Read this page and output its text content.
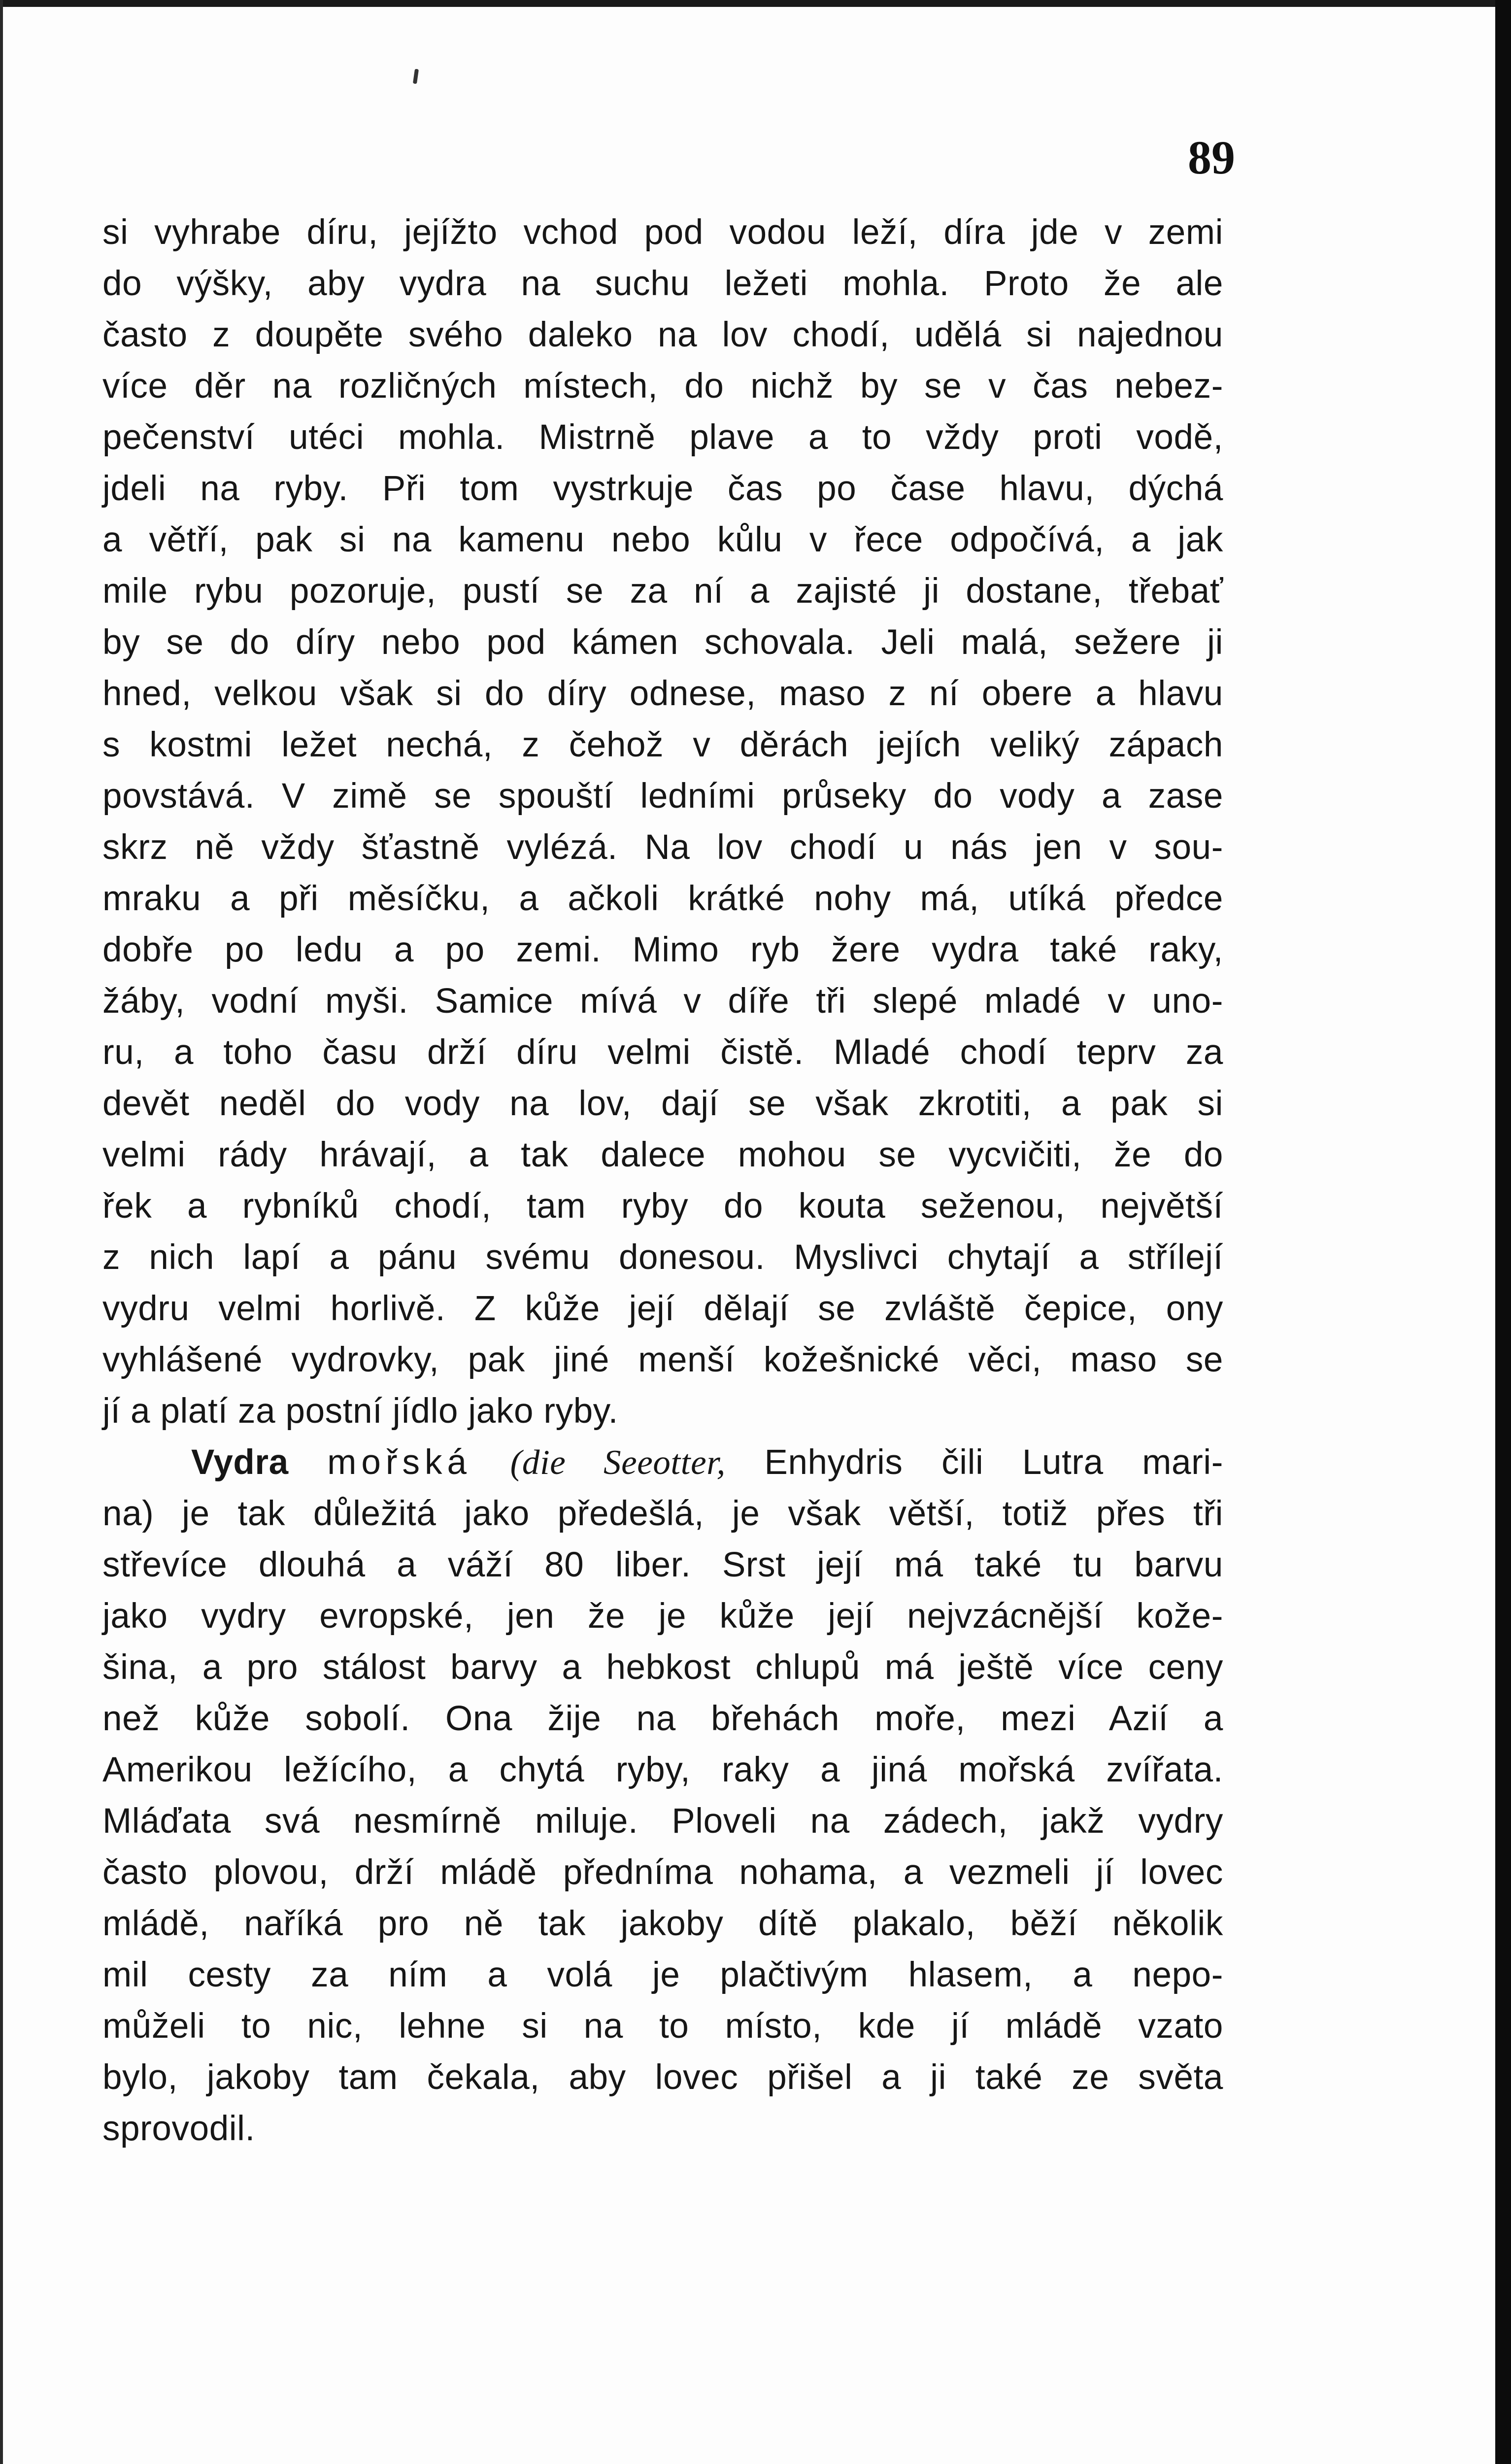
89
si vyhrabe díru, jejížto vchod pod vodou leží, díra jde v zemi
do výšky, aby vydra na suchu ležeti mohla. Proto že ale
často z doupěte svého daleko na lov chodí, udělá si najednou
více děr na rozličných místech, do nichž by se v čas nebez-
pečenství utéci mohla. Mistrně plave a to vždy proti vodě,
jdeli na ryby. Při tom vystrkuje čas po čase hlavu, dýchá
a větří, pak si na kamenu nebo kůlu v řece odpočívá, a jak
mile rybu pozoruje, pustí se za ní a zajisté ji dostane, třebať
by se do díry nebo pod kámen schovala. Jeli malá, sežere ji
hned, velkou však si do díry odnese, maso z ní obere a hlavu
s kostmi ležet nechá, z čehož v děrách jejích veliký zápach
povstává. V zimě se spouští ledními průseky do vody a zase
skrz ně vždy šťastně vylézá. Na lov chodí u nás jen v sou-
mraku a při měsíčku, a ačkoli krátké nohy má, utíká předce
dobře po ledu a po zemi. Mimo ryb žere vydra také raky,
žáby, vodní myši. Samice mívá v díře tři slepé mladé v uno-
ru, a toho času drží díru velmi čistě. Mladé chodí teprv za
devět neděl do vody na lov, dají se však zkrotiti, a pak si
velmi rády hrávají, a tak dalece mohou se vycvičiti, že do
řek a rybníků chodí, tam ryby do kouta seženou, největší
z nich lapí a pánu svému donesou. Myslivci chytají a střílejí
vydru velmi horlivě. Z kůže její dělají se zvláště čepice, ony
vyhlášené vydrovky, pak jiné menší kožešnické věci, maso se
jí a platí za postní jídlo jako ryby.
Vydra mořská (die Seeotter, Enhydris čili Lutra mari-
na) je tak důležitá jako předešlá, je však větší, totiž přes tři
střevíce dlouhá a váží 80 liber. Srst její má také tu barvu
jako vydry evropské, jen že je kůže její nejvzácnější kože-
šina, a pro stálost barvy a hebkost chlupů má ještě více ceny
než kůže sobolí. Ona žije na břehách moře, mezi Azií a
Amerikou ležícího, a chytá ryby, raky a jiná mořská zvířata.
Mláďata svá nesmírně miluje. Ploveli na zádech, jakž vydry
často plovou, drží mládě předníma nohama, a vezmeli jí lovec
mládě, naříká pro ně tak jakoby dítě plakalo, běží několik
mil cesty za ním a volá je plačtivým hlasem, a nepo-
můželi to nic, lehne si na to místo, kde jí mládě vzato
bylo, jakoby tam čekala, aby lovec přišel a ji také ze světa
sprovodil.
